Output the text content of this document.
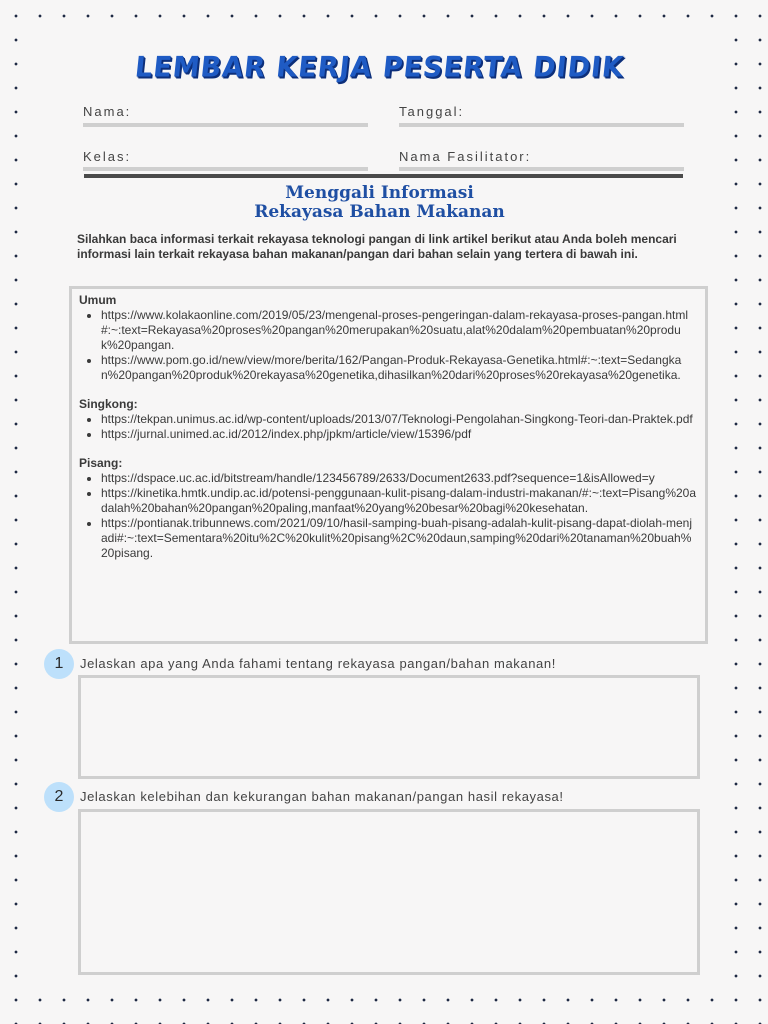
LEMBAR KERJA PESERTA DIDIK
Nama:	Tanggal:
Kelas:	Nama Fasilitator:
Menggali Informasi
Rekayasa Bahan Makanan
Silahkan baca informasi terkait rekayasa teknologi pangan di link artikel berikut atau Anda boleh mencari informasi lain terkait rekayasa bahan makanan/pangan dari bahan selain yang tertera di bawah ini.
Umum
• https://www.kolakaonline.com/2019/05/23/mengenal-proses-pengeringan-dalam-rekayasa-proses-pangan.html#:~:text=Rekayasa%20proses%20pangan%20merupakan%20suatu,alat%20dalam%20pembuatan%20produk%20pangan.
• https://www.pom.go.id/new/view/more/berita/162/Pangan-Produk-Rekayasa-Genetika.html#:~:text=Sedangkan%20pangan%20produk%20rekayasa%20genetika,dihasilkan%20dari%20proses%20rekayasa%20genetika.
Singkong:
• https://tekpan.unimus.ac.id/wp-content/uploads/2013/07/Teknologi-Pengolahan-Singkong-Teori-dan-Praktek.pdf
• https://jurnal.unimed.ac.id/2012/index.php/jpkm/article/view/15396/pdf
Pisang:
• https://dspace.uc.ac.id/bitstream/handle/123456789/2633/Document2633.pdf?sequence=1&isAllowed=y
• https://kinetika.hmtk.undip.ac.id/potensi-penggunaan-kulit-pisang-dalam-industri-makanan/#:~:text=Pisang%20adalah%20bahan%20pangan%20paling,manfaat%20yang%20besar%20bagi%20kesehatan.
• https://pontianak.tribunnews.com/2021/09/10/hasil-samping-buah-pisang-adalah-kulit-pisang-dapat-diolah-menjadi#:~:text=Sementara%20itu%2C%20kulit%20pisang%2C%20daun,samping%20dari%20tanaman%20buah%20pisang.
1	Jelaskan apa yang Anda fahami tentang rekayasa pangan/bahan makanan!
2	Jelaskan kelebihan dan kekurangan bahan makanan/pangan hasil rekayasa!
